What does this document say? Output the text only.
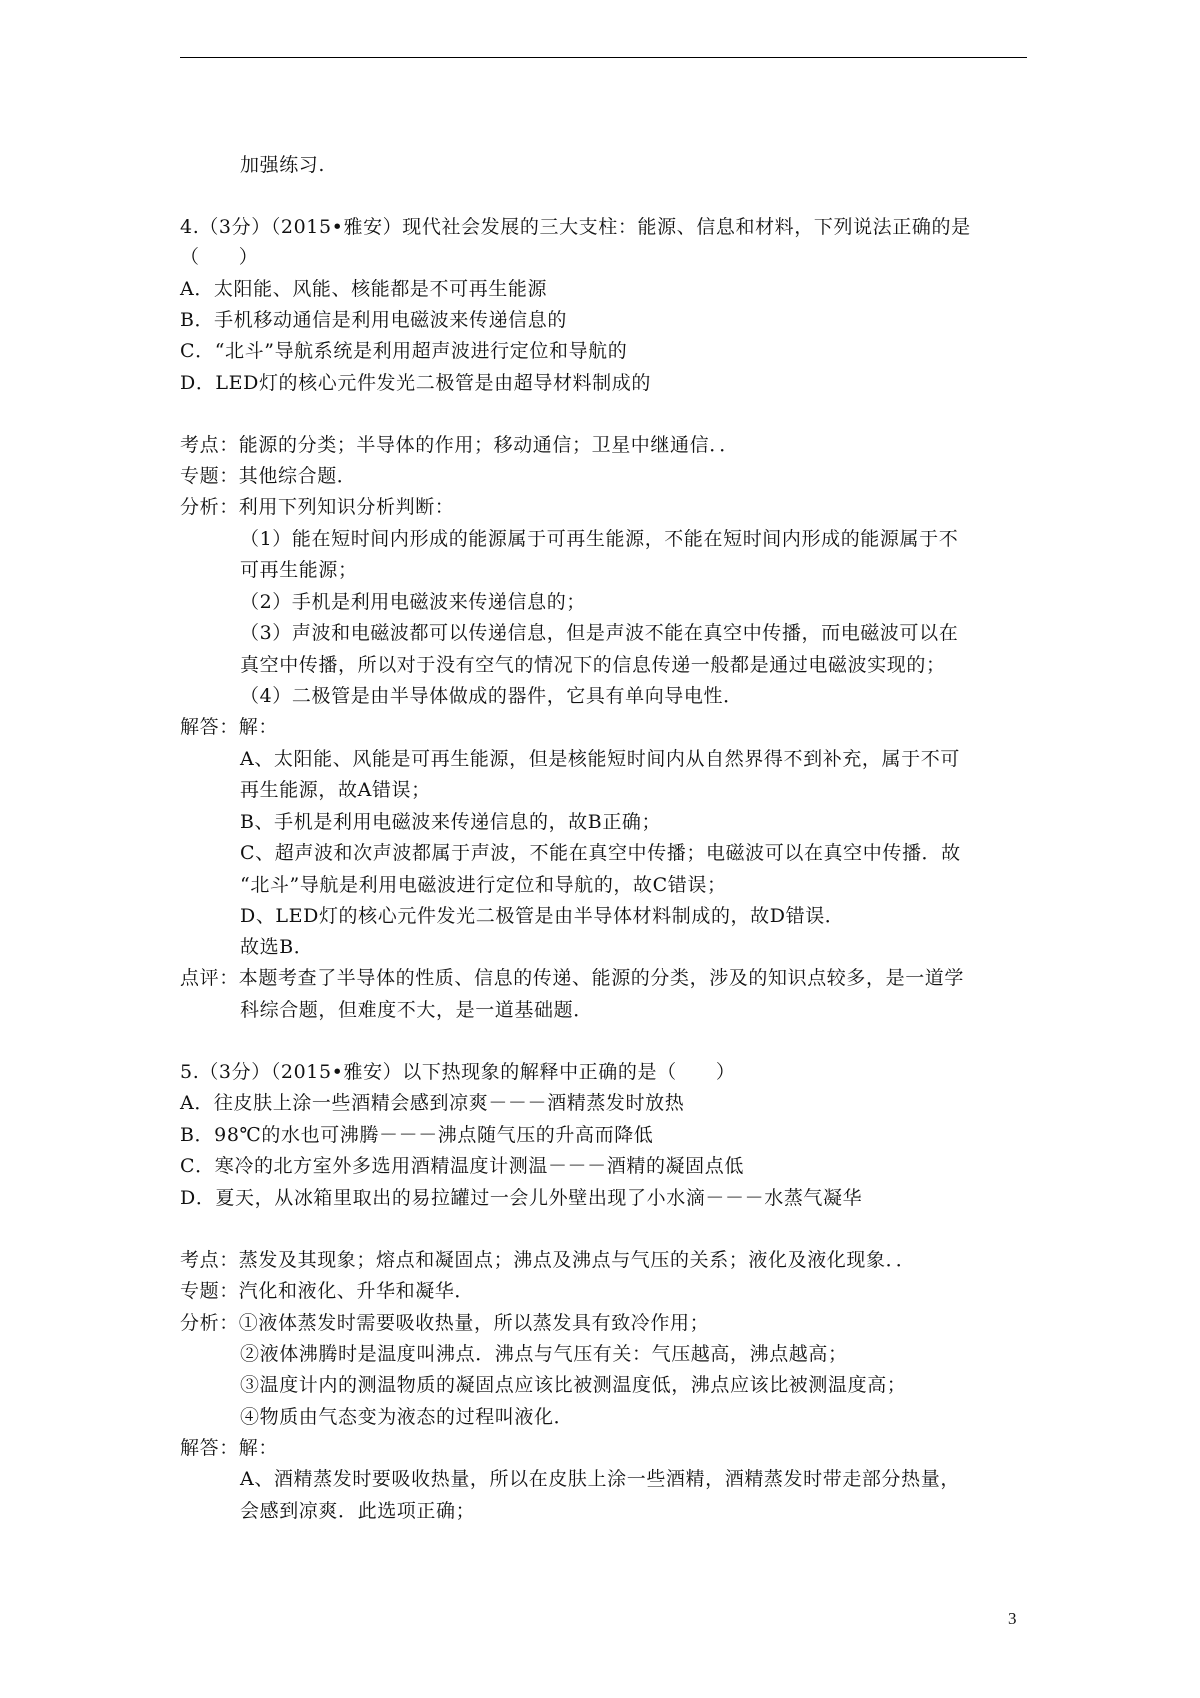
加强练习.
4.（3分）（2015•雅安）现代社会发展的三大支柱：能源、信息和材料，下列说法正确的是
（　　）
A．太阳能、风能、核能都是不可再生能源
B．手机移动通信是利用电磁波来传递信息的
C．“北斗”导航系统是利用超声波进行定位和导航的
D．LED灯的核心元件发光二极管是由超导材料制成的
考点：能源的分类；半导体的作用；移动通信；卫星中继通信．．
专题：其他综合题．
分析：利用下列知识分析判断：
（1）能在短时间内形成的能源属于可再生能源，不能在短时间内形成的能源属于不
可再生能源；
（2）手机是利用电磁波来传递信息的；
（3）声波和电磁波都可以传递信息，但是声波不能在真空中传播，而电磁波可以在
真空中传播，所以对于没有空气的情况下的信息传递一般都是通过电磁波实现的；
（4）二极管是由半导体做成的器件，它具有单向导电性．
解答：解：
A、太阳能、风能是可再生能源，但是核能短时间内从自然界得不到补充，属于不可
再生能源，故A错误；
B、手机是利用电磁波来传递信息的，故B正确；
C、超声波和次声波都属于声波，不能在真空中传播；电磁波可以在真空中传播．故
“北斗”导航是利用电磁波进行定位和导航的，故C错误；
D、LED灯的核心元件发光二极管是由半导体材料制成的，故D错误．
故选B．
点评：本题考查了半导体的性质、信息的传递、能源的分类，涉及的知识点较多，是一道学
科综合题，但难度不大，是一道基础题．
5.（3分）（2015•雅安）以下热现象的解释中正确的是（　　）
A．往皮肤上涂一些酒精会感到凉爽－－－酒精蒸发时放热
B．98℃的水也可沸腾－－－沸点随气压的升高而降低
C．寒冷的北方室外多选用酒精温度计测温－－－酒精的凝固点低
D．夏天，从冰箱里取出的易拉罐过一会儿外壁出现了小水滴－－－水蒸气凝华
考点：蒸发及其现象；熔点和凝固点；沸点及沸点与气压的关系；液化及液化现象．．
专题：汽化和液化、升华和凝华．
分析：①液体蒸发时需要吸收热量，所以蒸发具有致冷作用；
②液体沸腾时是温度叫沸点．沸点与气压有关：气压越高，沸点越高；
③温度计内的测温物质的凝固点应该比被测温度低，沸点应该比被测温度高；
④物质由气态变为液态的过程叫液化．
解答：解：
A、酒精蒸发时要吸收热量，所以在皮肤上涂一些酒精，酒精蒸发时带走部分热量，
会感到凉爽．此选项正确；
3
